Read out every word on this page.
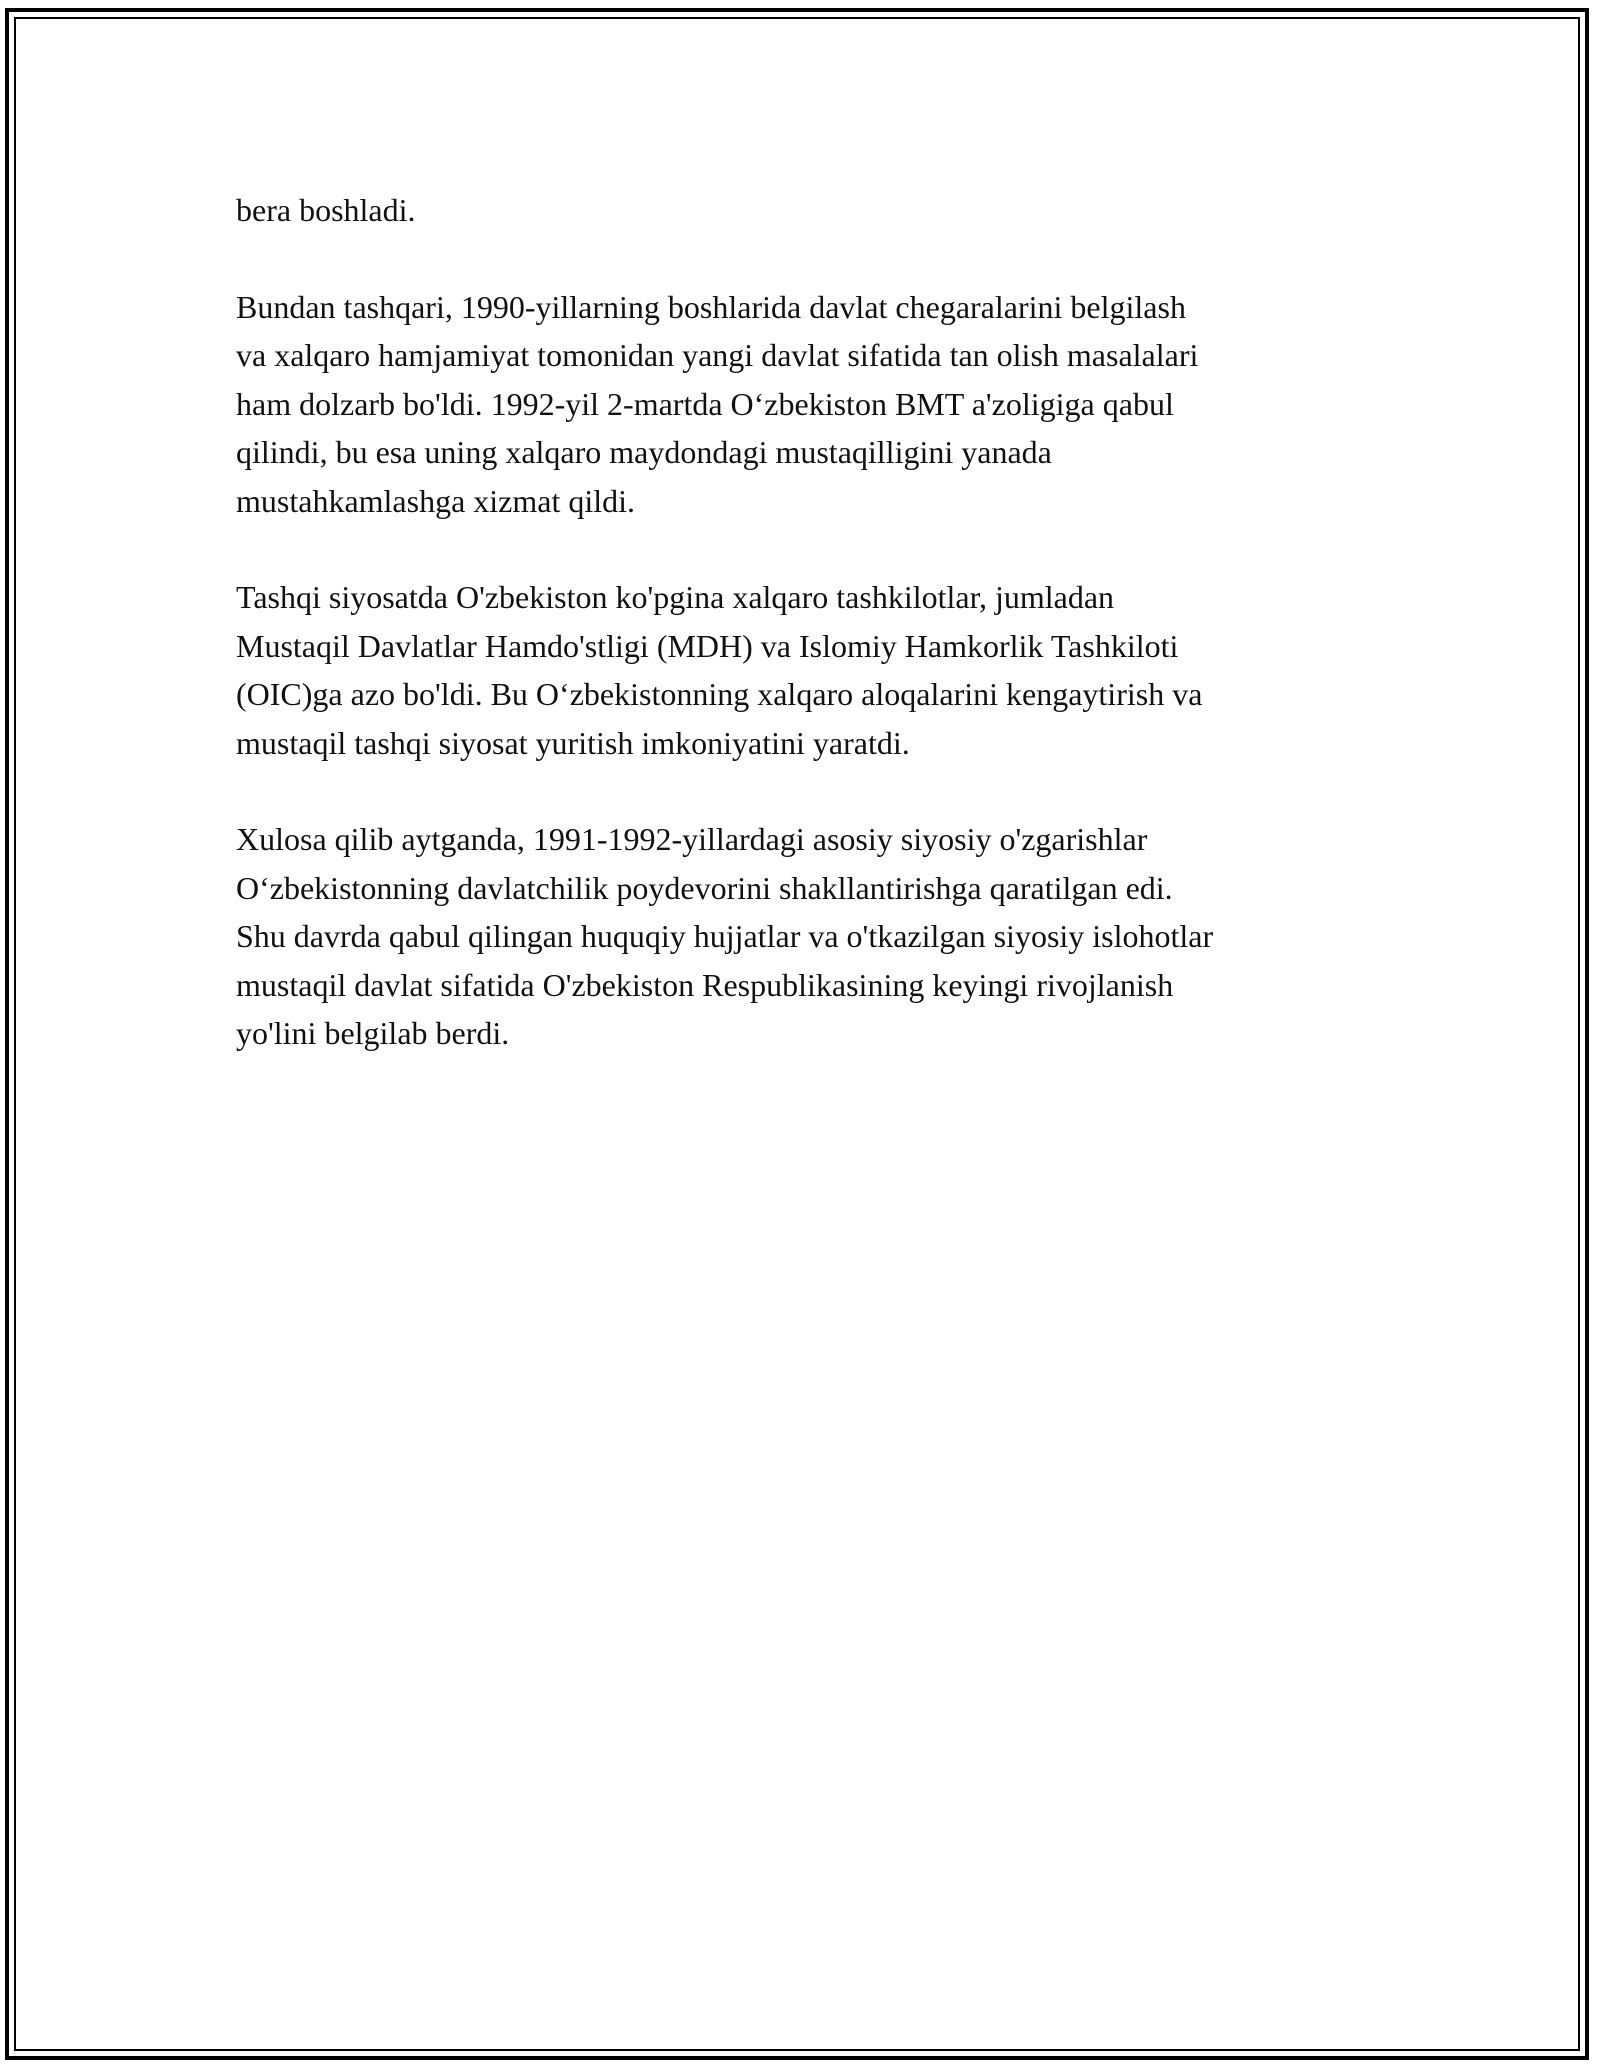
bera boshladi.

Bundan tashqari, 1990-yillarning boshlarida davlat chegaralarini belgilash
va xalqaro hamjamiyat tomonidan yangi davlat sifatida tan olish masalalari
ham dolzarb bo'ldi. 1992-yil 2-martda O‘zbekiston BMT a'zoligiga qabul
qilindi, bu esa uning xalqaro maydondagi mustaqilligini yanada
mustahkamlashga xizmat qildi.

Tashqi siyosatda O'zbekiston ko'pgina xalqaro tashkilotlar, jumladan
Mustaqil Davlatlar Hamdo'stligi (MDH) va Islomiy Hamkorlik Tashkiloti
(OIC)ga azo bo'ldi. Bu O‘zbekistonning xalqaro aloqalarini kengaytirish va
mustaqil tashqi siyosat yuritish imkoniyatini yaratdi.

Xulosa qilib aytganda, 1991-1992-yillardagi asosiy siyosiy o'zgarishlar
O‘zbekistonning davlatchilik poydevorini shakllantirishga qaratilgan edi.
Shu davrda qabul qilingan huquqiy hujjatlar va o'tkazilgan siyosiy islohotlar
mustaqil davlat sifatida O'zbekiston Respublikasining keyingi rivojlanish
yo'lini belgilab berdi.
